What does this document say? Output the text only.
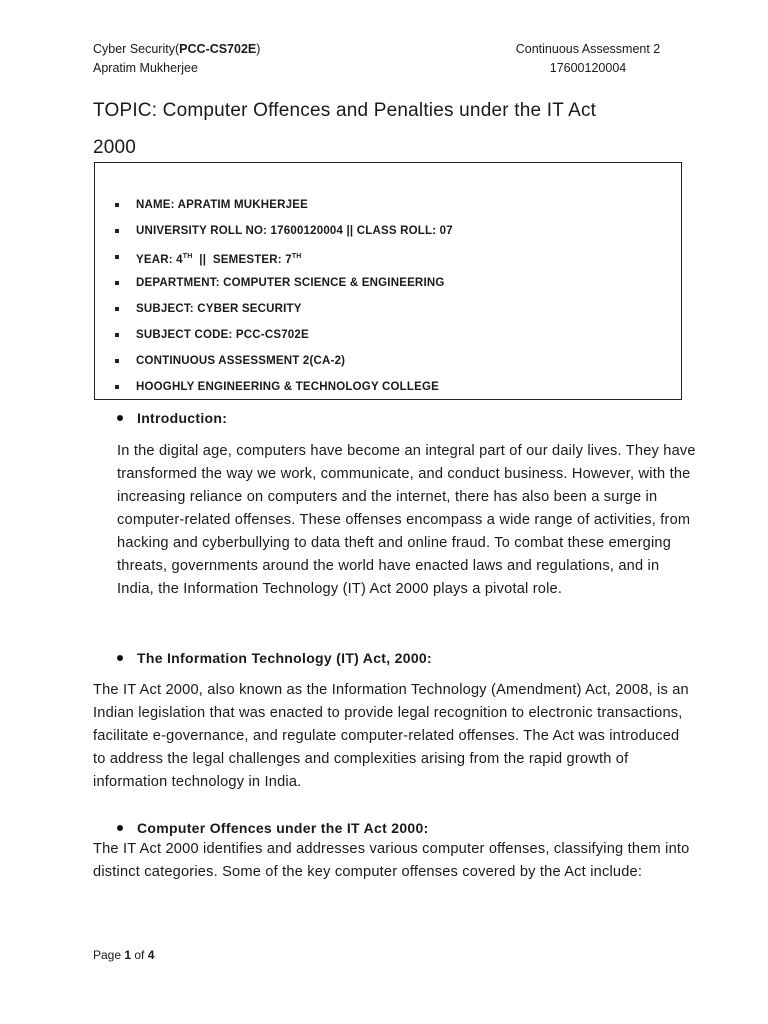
Cyber Security(PCC-CS702E)	Continuous Assessment 2
Apratim Mukherjee	17600120004
TOPIC: Computer Offences and Penalties under the IT Act
2000
NAME: APRATIM MUKHERJEE
UNIVERSITY ROLL NO: 17600120004 || CLASS ROLL: 07
YEAR: 4TH  ||  SEMESTER: 7TH
DEPARTMENT: COMPUTER SCIENCE & ENGINEERING
SUBJECT: CYBER SECURITY
SUBJECT CODE: PCC-CS702E
CONTINUOUS ASSESSMENT 2(CA-2)
HOOGHLY ENGINEERING & TECHNOLOGY COLLEGE
Introduction:

In the digital age, computers have become an integral part of our daily lives. They have transformed the way we work, communicate, and conduct business. However, with the increasing reliance on computers and the internet, there has also been a surge in computer-related offenses. These offenses encompass a wide range of activities, from hacking and cyberbullying to data theft and online fraud. To combat these emerging threats, governments around the world have enacted laws and regulations, and in India, the Information Technology (IT) Act 2000 plays a pivotal role.

The Information Technology (IT) Act, 2000:

The IT Act 2000, also known as the Information Technology (Amendment) Act, 2008, is an Indian legislation that was enacted to provide legal recognition to electronic transactions, facilitate e-governance, and regulate computer-related offenses. The Act was introduced to address the legal challenges and complexities arising from the rapid growth of information technology in India.

Computer Offences under the IT Act 2000:

The IT Act 2000 identifies and addresses various computer offenses, classifying them into distinct categories. Some of the key computer offenses covered by the Act include:

Page 1 of 4
